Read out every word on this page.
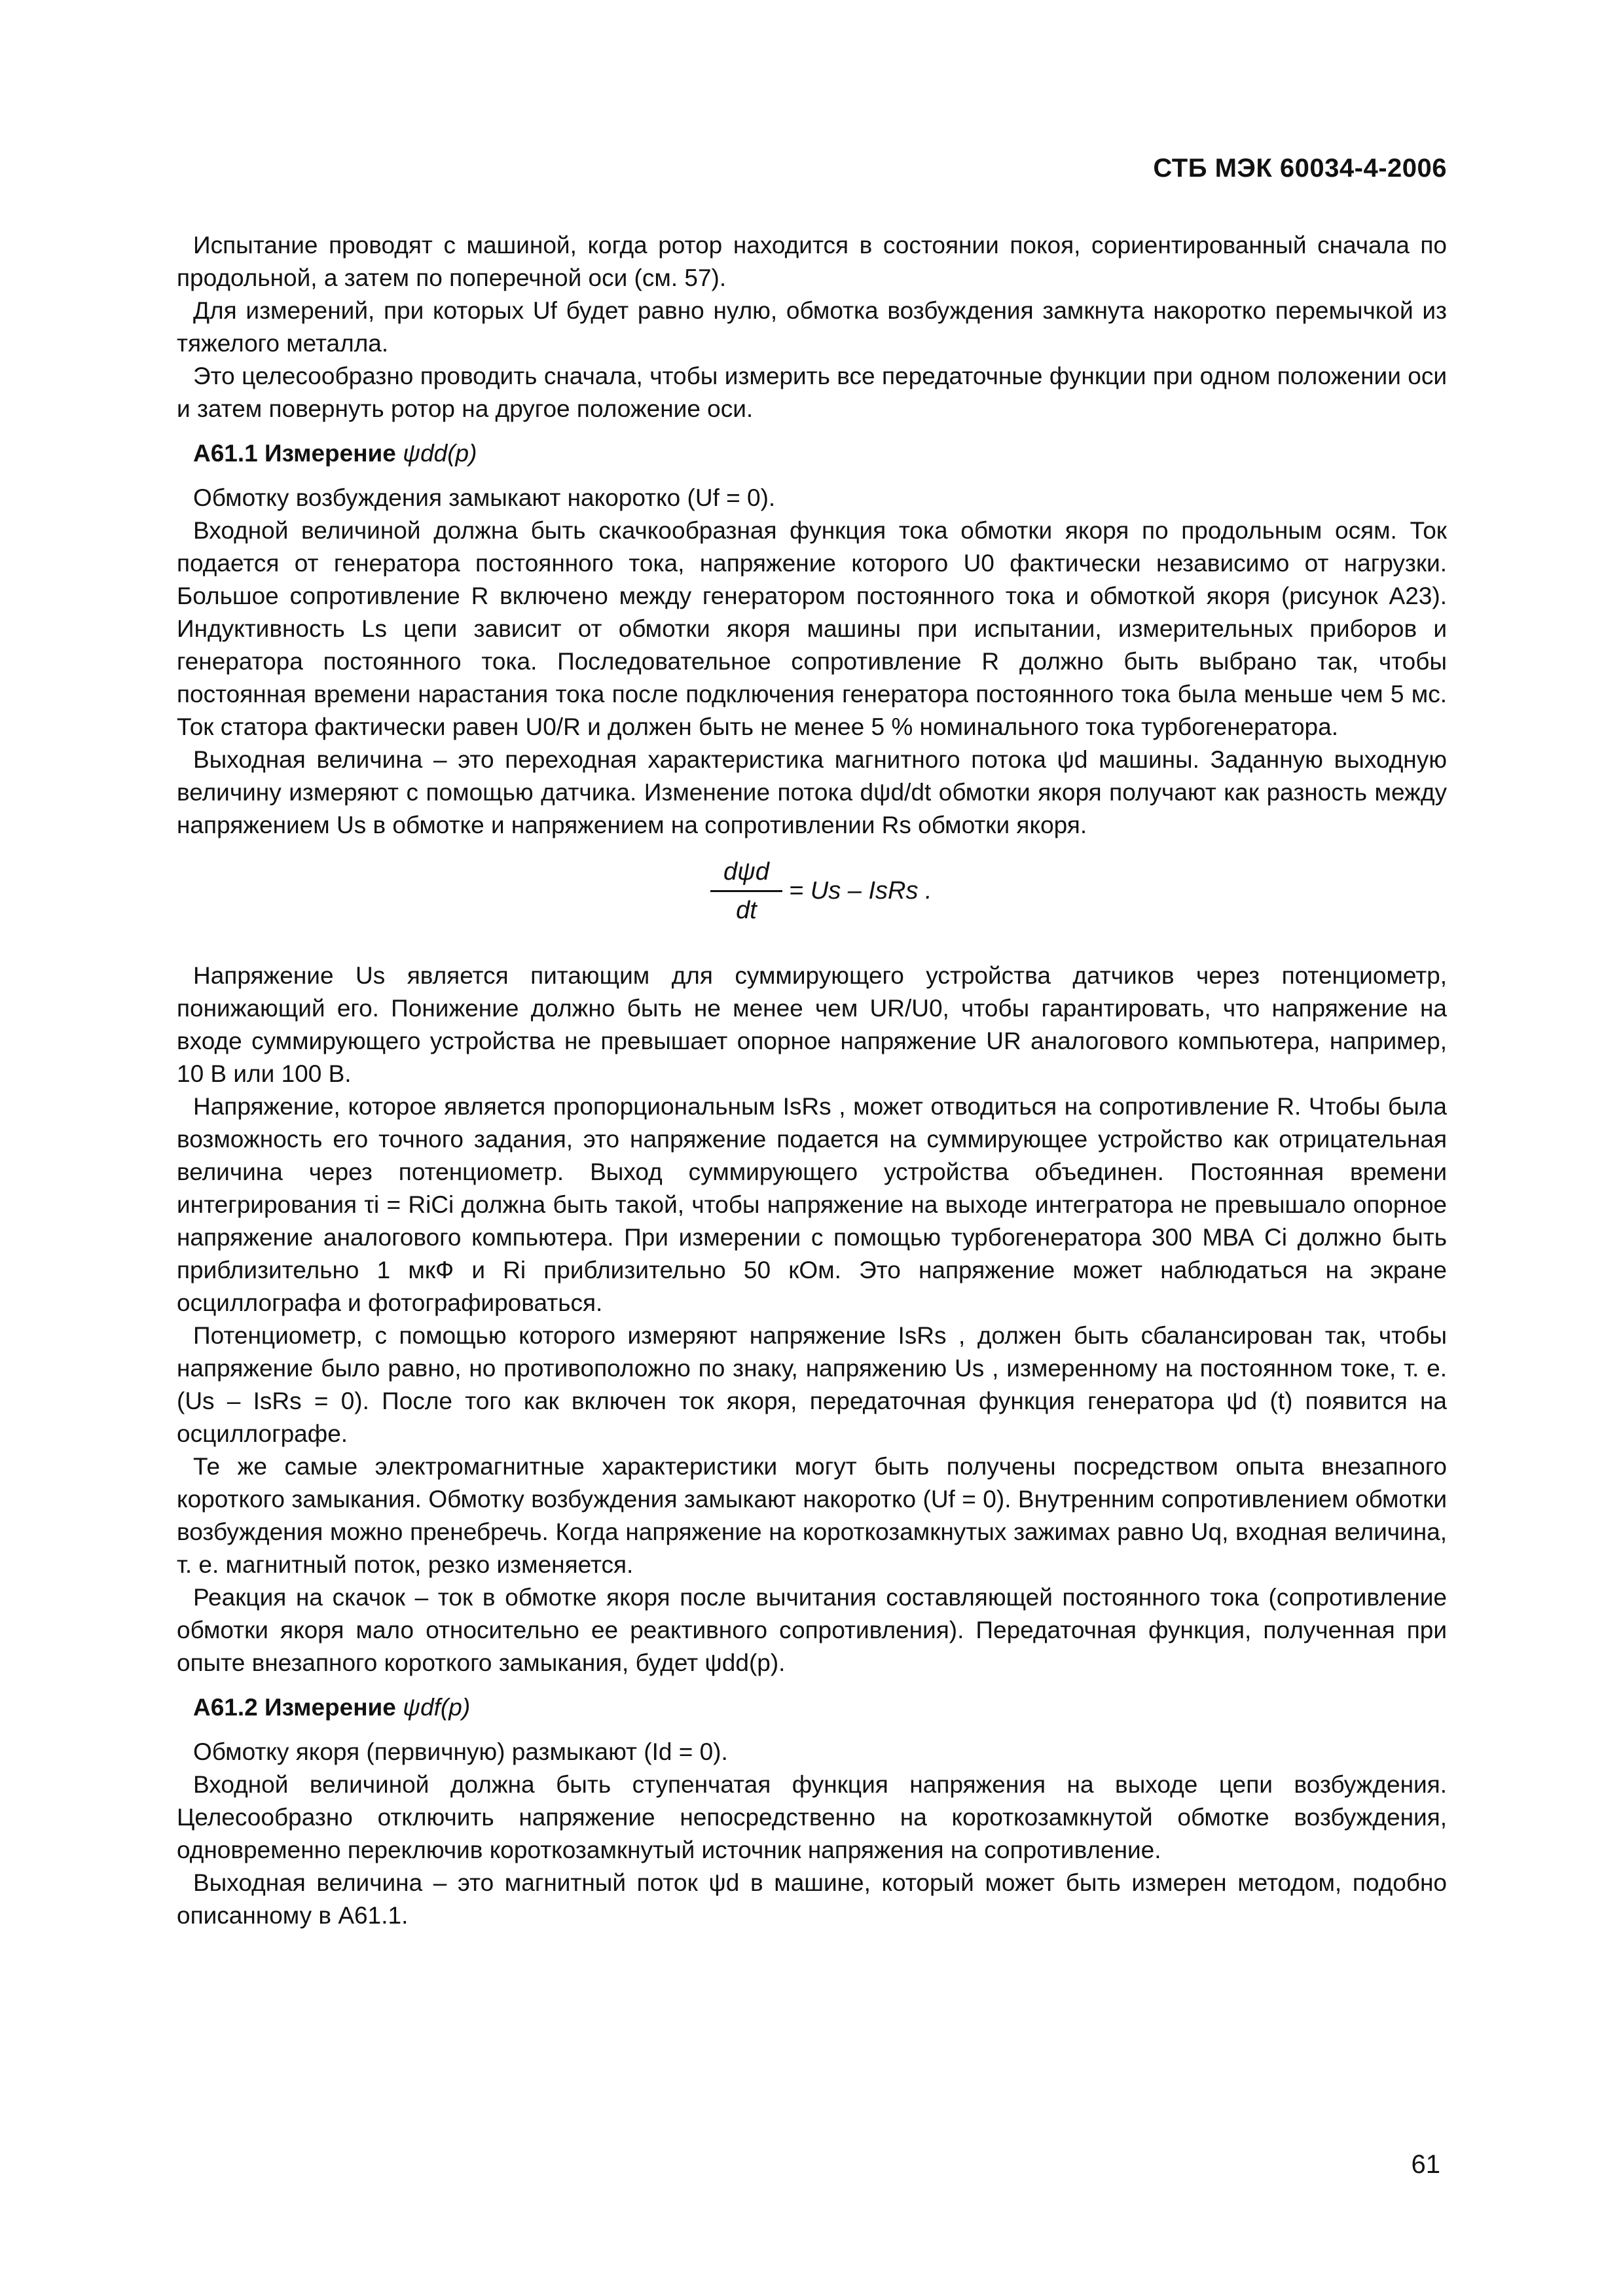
СТБ МЭК 60034-4-2006

Испытание проводят с машиной, когда ротор находится в состоянии покоя, сориентированный сначала по продольной, а затем по поперечной оси (см. 57).

Для измерений, при которых Uf будет равно нулю, обмотка возбуждения замкнута накоротко перемычкой из тяжелого металла.

Это целесообразно проводить сначала, чтобы измерить все передаточные функции при одном положении оси и затем повернуть ротор на другое положение оси.

А61.1 Измерение ψdd(p)

Обмотку возбуждения замыкают накоротко (Uf = 0).

Входной величиной должна быть скачкообразная функция тока обмотки якоря по продольным осям. Ток подается от генератора постоянного тока, напряжение которого U0 фактически независимо от нагрузки. Большое сопротивление R включено между генератором постоянного тока и обмоткой якоря (рисунок А23). Индуктивность Ls цепи зависит от обмотки якоря машины при испытании, измерительных приборов и генератора постоянного тока. Последовательное сопротивление R должно быть выбрано так, чтобы постоянная времени нарастания тока после подключения генератора постоянного тока была меньше чем 5 мс. Ток статора фактически равен U0/R и должен быть не менее 5 % номинального тока турбогенератора.

Выходная величина – это переходная характеристика магнитного потока ψd машины. Заданную выходную величину измеряют с помощью датчика. Изменение потока dψd/dt обмотки якоря получают как разность между напряжением Us в обмотке и напряжением на сопротивлении Rs обмотки якоря.

dψd
dt
= Us – IsRs .

Напряжение Us является питающим для суммирующего устройства датчиков через потенциометр, понижающий его. Понижение должно быть не менее чем UR/U0, чтобы гарантировать, что напряжение на входе суммирующего устройства не превышает опорное напряжение UR аналогового компьютера, например, 10 В или 100 В.

Напряжение, которое является пропорциональным IsRs , может отводиться на сопротивление R. Чтобы была возможность его точного задания, это напряжение подается на суммирующее устройство как отрицательная величина через потенциометр. Выход суммирующего устройства объединен. Постоянная времени интегрирования τi = RiCi должна быть такой, чтобы напряжение на выходе интегратора не превышало опорное напряжение аналогового компьютера. При измерении с помощью турбогенератора 300 МВА Ci должно быть приблизительно 1 мкФ и Ri приблизительно 50 кОм. Это напряжение может наблюдаться на экране осциллографа и фотографироваться.

Потенциометр, с помощью которого измеряют напряжение IsRs , должен быть сбалансирован так, чтобы напряжение было равно, но противоположно по знаку, напряжению Us , измеренному на постоянном токе, т. е. (Us – IsRs = 0). После того как включен ток якоря, передаточная функция генератора ψd (t) появится на осциллографе.

Те же самые электромагнитные характеристики могут быть получены посредством опыта внезапного короткого замыкания. Обмотку возбуждения замыкают накоротко (Uf = 0). Внутренним сопротивлением обмотки возбуждения можно пренебречь. Когда напряжение на короткозамкнутых зажимах равно Uq, входная величина, т. е. магнитный поток, резко изменяется.

Реакция на скачок – ток в обмотке якоря после вычитания составляющей постоянного тока (сопротивление обмотки якоря мало относительно ее реактивного сопротивления). Передаточная функция, полученная при опыте внезапного короткого замыкания, будет ψdd(p).

А61.2 Измерение ψdf(p)

Обмотку якоря (первичную) размыкают (Id = 0).

Входной величиной должна быть ступенчатая функция напряжения на выходе цепи возбуждения. Целесообразно отключить напряжение непосредственно на короткозамкнутой обмотке возбуждения, одновременно переключив короткозамкнутый источник напряжения на сопротивление.

Выходная величина – это магнитный поток ψd в машине, который может быть измерен методом, подобно описанному в А61.1.

61
